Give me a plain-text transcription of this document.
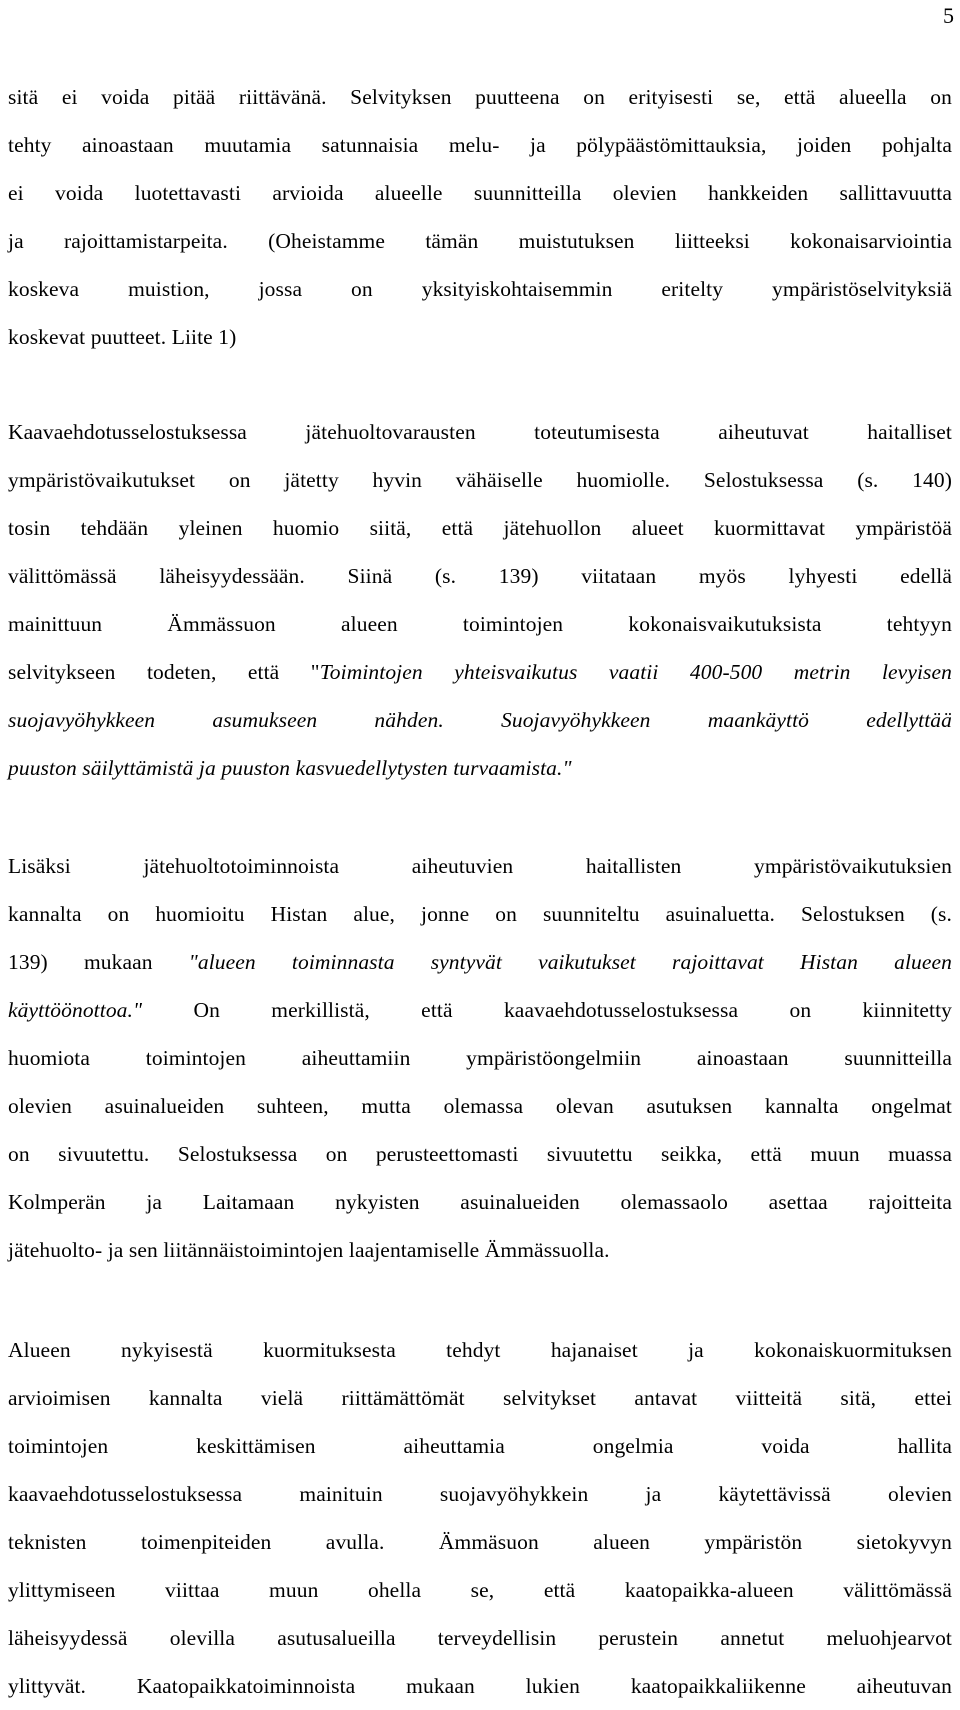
5
sitä ei voida pitää riittävänä. Selvityksen puutteena on erityisesti se, että alueella on
tehty ainoastaan muutamia satunnaisia melu- ja pölypäästömittauksia, joiden pohjalta
ei voida luotettavasti arvioida alueelle suunnitteilla olevien hankkeiden sallittavuutta
ja rajoittamistarpeita. (Oheistamme tämän muistutuksen liitteeksi kokonaisarviointia
koskeva muistion, jossa on yksityiskohtaisemmin eritelty ympäristöselvityksiä
koskevat puutteet. Liite 1)
Kaavaehdotusselostuksessa jätehuoltovarausten toteutumisesta aiheutuvat haitalliset
ympäristövaikutukset on jätetty hyvin vähäiselle huomiolle. Selostuksessa (s. 140)
tosin tehdään yleinen huomio siitä, että jätehuollon alueet kuormittavat ympäristöä
välittömässä läheisyydessään. Siinä (s. 139) viitataan myös lyhyesti edellä
mainittuun Ämmässuon alueen toimintojen kokonaisvaikutuksista tehtyyn
selvitykseen todeten, että "Toimintojen yhteisvaikutus vaatii 400-500 metrin levyisen
suojavyöhykkeen asumukseen nähden. Suojavyöhykkeen maankäyttö edellyttää
puuston säilyttämistä ja puuston kasvuedellytysten turvaamista."
Lisäksi jätehuoltotoiminnoista aiheutuvien haitallisten ympäristövaikutuksien
kannalta on huomioitu Histan alue, jonne on suunniteltu asuinaluetta. Selostuksen (s.
139) mukaan "alueen toiminnasta syntyvät vaikutukset rajoittavat Histan alueen
käyttöönottoa." On merkillistä, että kaavaehdotusselostuksessa on kiinnitetty
huomiota toimintojen aiheuttamiin ympäristöongelmiin ainoastaan suunnitteilla
olevien asuinalueiden suhteen, mutta olemassa olevan asutuksen kannalta ongelmat
on sivuutettu. Selostuksessa on perusteettomasti sivuutettu seikka, että muun muassa
Kolmperän ja Laitamaan nykyisten asuinalueiden olemassaolo asettaa rajoitteita
jätehuolto- ja sen liitännäistoimintojen laajentamiselle Ämmässuolla.
Alueen nykyisestä kuormituksesta tehdyt hajanaiset ja kokonaiskuormituksen
arvioimisen kannalta vielä riittämättömät selvitykset antavat viitteitä sitä, ettei
toimintojen keskittämisen aiheuttamia ongelmia voida hallita
kaavaehdotusselostuksessa mainituin suojavyöhykkein ja käytettävissä olevien
teknisten toimenpiteiden avulla. Ämmäsuon alueen ympäristön sietokyvyn
ylittymiseen viittaa muun ohella se, että kaatopaikka-alueen välittömässä
läheisyydessä olevilla asutusalueilla terveydellisin perustein annetut meluohjearvot
ylittyvät. Kaatopaikkatoiminnoista mukaan lukien kaatopaikkaliikenne aiheutuvan
